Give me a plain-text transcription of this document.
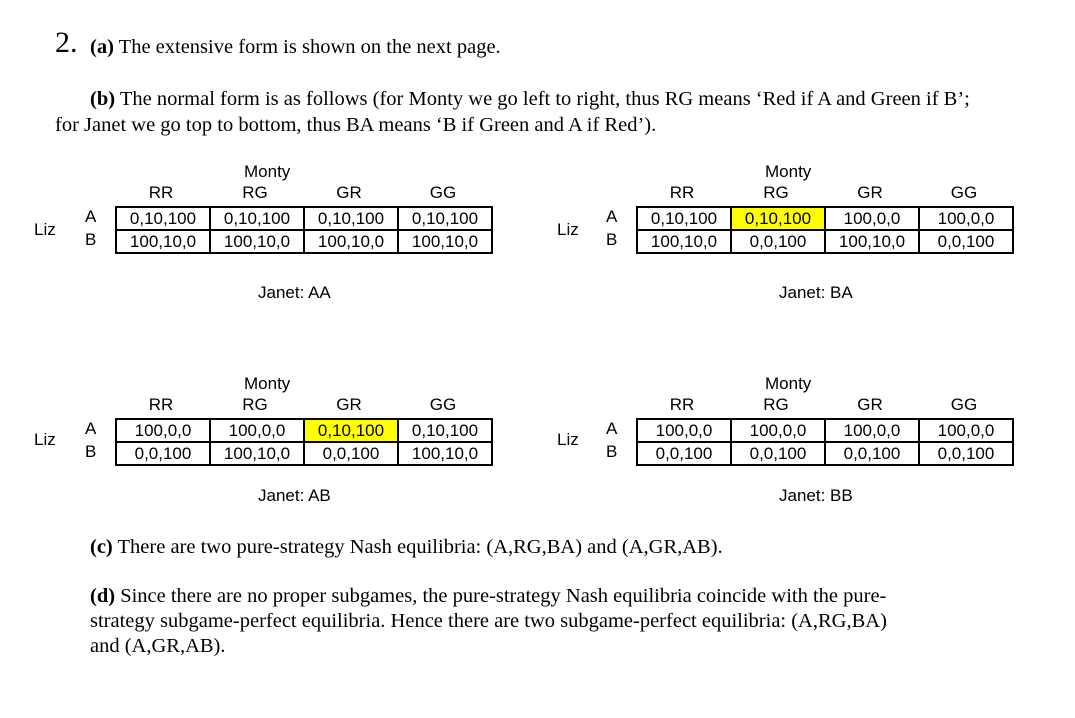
2. (a) The extensive form is shown on the next page.
(b) The normal form is as follows (for Monty we go left to right, thus RG means ‘Red if A and Green if B’;
for Janet we go top to bottom, thus BA means ‘B if Green and A if Red’).
Monty
RR	RG	GR	GG
Liz
A
B
0,10,100	0,10,100	0,10,100	0,10,100
100,10,0	100,10,0	100,10,0	100,10,0
Janet: AA
Monty
RR	RG	GR	GG
Liz
A
B
0,10,100	0,10,100	100,0,0	100,0,0
100,10,0	0,0,100	100,10,0	0,0,100
Janet: BA
Monty
RR	RG	GR	GG
Liz
A
B
100,0,0	100,0,0	0,10,100	0,10,100
0,0,100	100,10,0	0,0,100	100,10,0
Janet: AB
Monty
RR	RG	GR	GG
Liz
A
B
100,0,0	100,0,0	100,0,0	100,0,0
0,0,100	0,0,100	0,0,100	0,0,100
Janet: BB
(c) There are two pure-strategy Nash equilibria: (A,RG,BA) and (A,GR,AB).
(d) Since there are no proper subgames, the pure-strategy Nash equilibria coincide with the pure-
strategy subgame-perfect equilibria. Hence there are two subgame-perfect equilibria: (A,RG,BA)
and (A,GR,AB).
